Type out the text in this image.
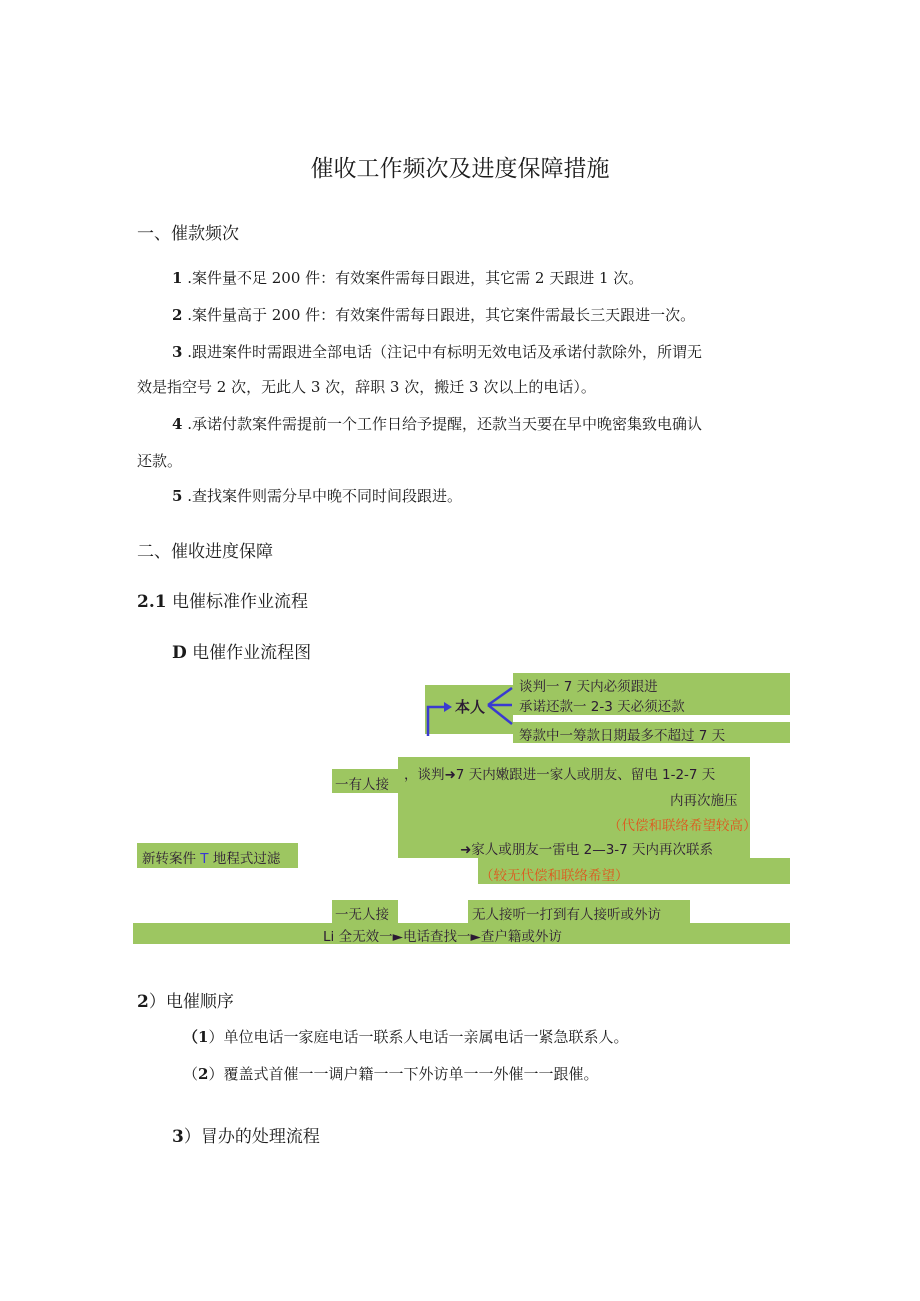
催收工作频次及进度保障措施
一、催款频次
1 .案件量不足 200 件：有效案件需每日跟进，其它需 2 天跟进 1 次。
2 .案件量高于 200 件：有效案件需每日跟进，其它案件需最长三天跟进一次。
3 .跟进案件时需跟进全部电话（注记中有标明无效电话及承诺付款除外，所谓无
效是指空号 2 次，无此人 3 次，辞职 3 次，搬迁 3 次以上的电话）。
4 .承诺付款案件需提前一个工作日给予提醒，还款当天要在早中晚密集致电确认
还款。
5 .查找案件则需分早中晚不同时间段跟进。
二、催收进度保障
2.1 电催标准作业流程
D 电催作业流程图
本人
谈判一 7 天内必须跟进
承诺还款一 2-3 天必须还款
筹款中一筹款日期最多不超过 7 天
一有人接
，谈判➜7 天内嫩跟进一家人或朋友、留电 1-2-7 天
内再次施压
（代偿和联络希望较高）
➜家人或朋友一雷电 2—3-7 天内再次联系
（较无代偿和联络希望）
新转案件 T 地程式过滤
一无人接	无人接听一打到有人接听或外访
Li 全无效一►电话查找一►查户籍或外访
2）电催顺序
（1）单位电话一家庭电话一联系人电话一亲属电话一紧急联系人。
（2）覆盖式首催一一调户籍一一下外访单一一外催一一跟催。
3）冒办的处理流程
